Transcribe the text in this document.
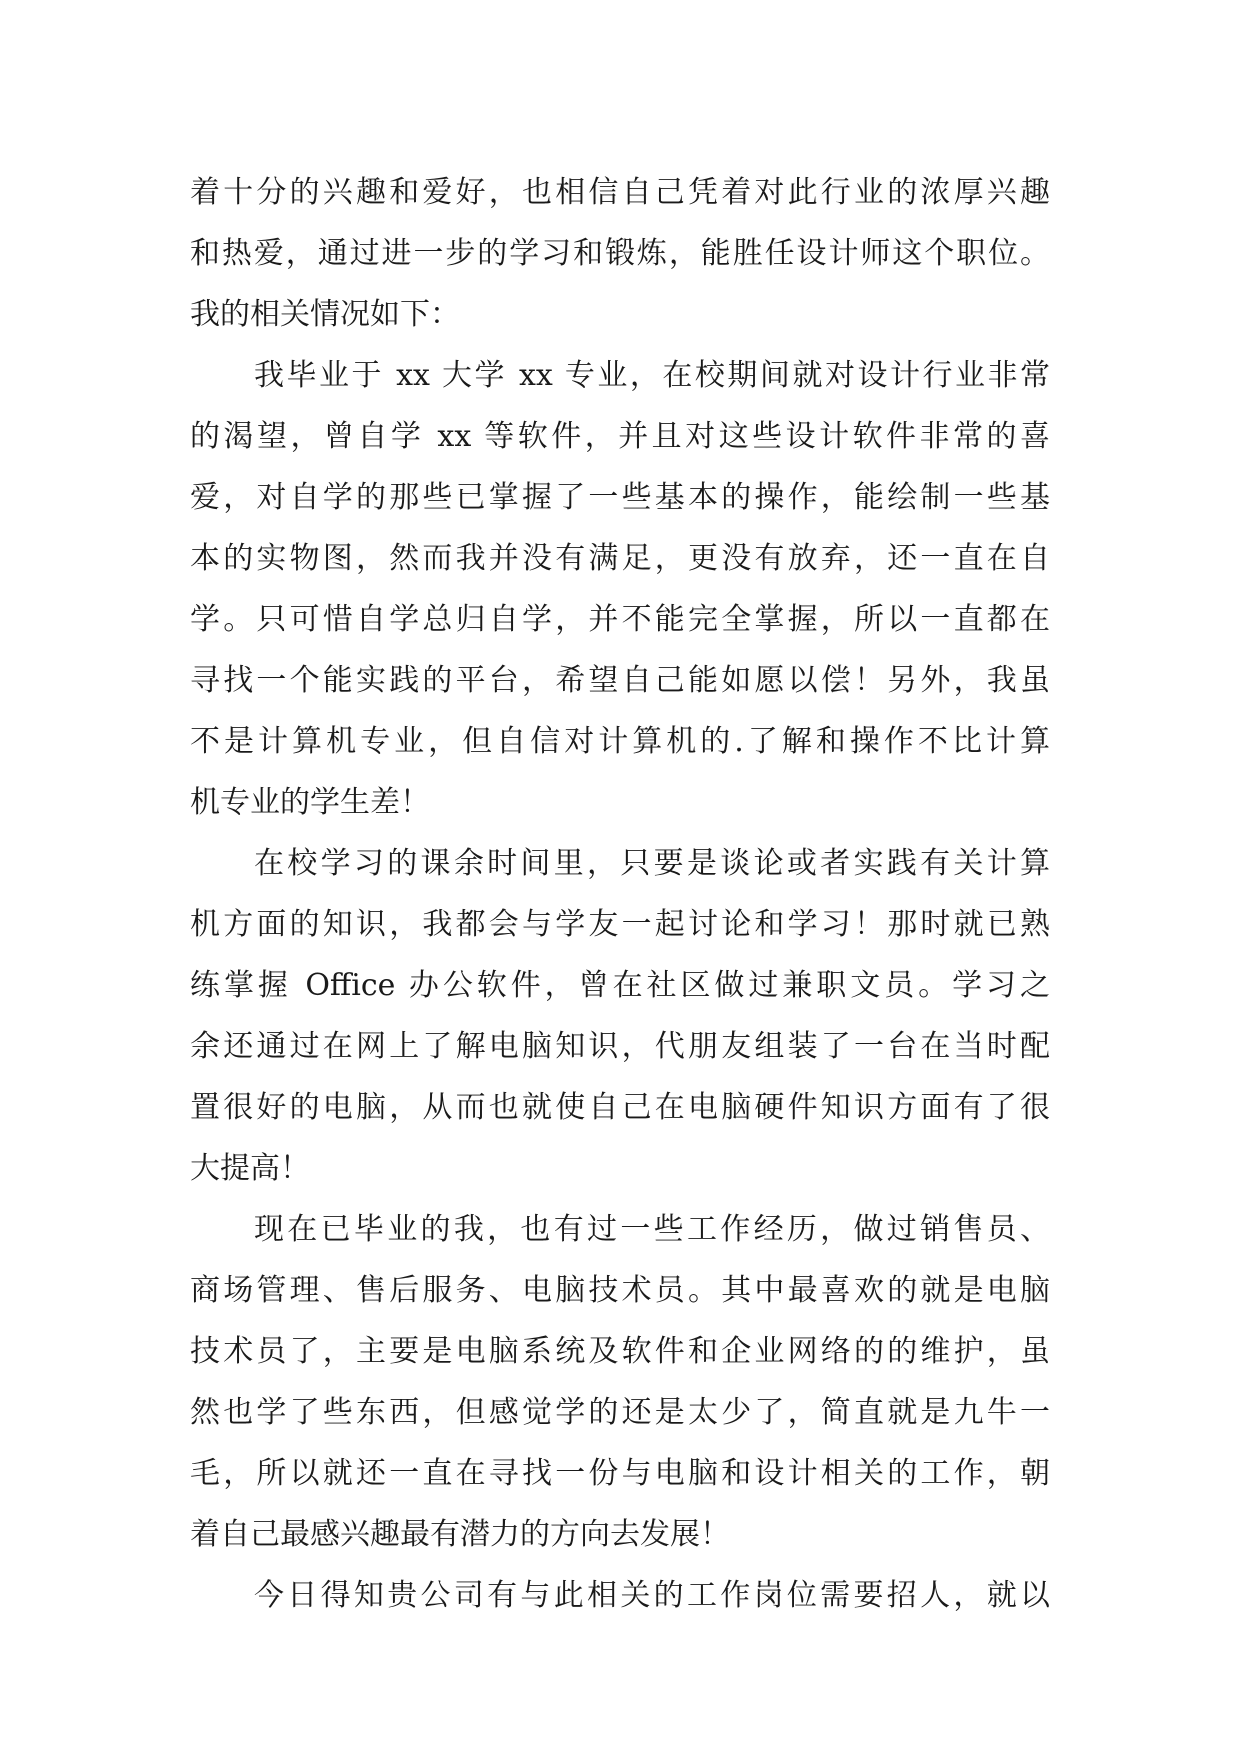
着十分的兴趣和爱好，也相信自己凭着对此行业的浓厚兴趣
和热爱，通过进一步的学习和锻炼，能胜任设计师这个职位。
我的相关情况如下：
我毕业于 xx 大学 xx 专业，在校期间就对设计行业非常
的渴望，曾自学 xx 等软件，并且对这些设计软件非常的喜
爱，对自学的那些已掌握了一些基本的操作，能绘制一些基
本的实物图，然而我并没有满足，更没有放弃，还一直在自
学。只可惜自学总归自学，并不能完全掌握，所以一直都在
寻找一个能实践的平台，希望自己能如愿以偿！另外，我虽
不是计算机专业，但自信对计算机的.了解和操作不比计算
机专业的学生差！
在校学习的课余时间里，只要是谈论或者实践有关计算
机方面的知识，我都会与学友一起讨论和学习！那时就已熟
练掌握 Office 办公软件，曾在社区做过兼职文员。学习之
余还通过在网上了解电脑知识，代朋友组装了一台在当时配
置很好的电脑，从而也就使自己在电脑硬件知识方面有了很
大提高！
现在已毕业的我，也有过一些工作经历，做过销售员、
商场管理、售后服务、电脑技术员。其中最喜欢的就是电脑
技术员了，主要是电脑系统及软件和企业网络的的维护，虽
然也学了些东西，但感觉学的还是太少了，简直就是九牛一
毛，所以就还一直在寻找一份与电脑和设计相关的工作，朝
着自己最感兴趣最有潜力的方向去发展！
今日得知贵公司有与此相关的工作岗位需要招人，就以
